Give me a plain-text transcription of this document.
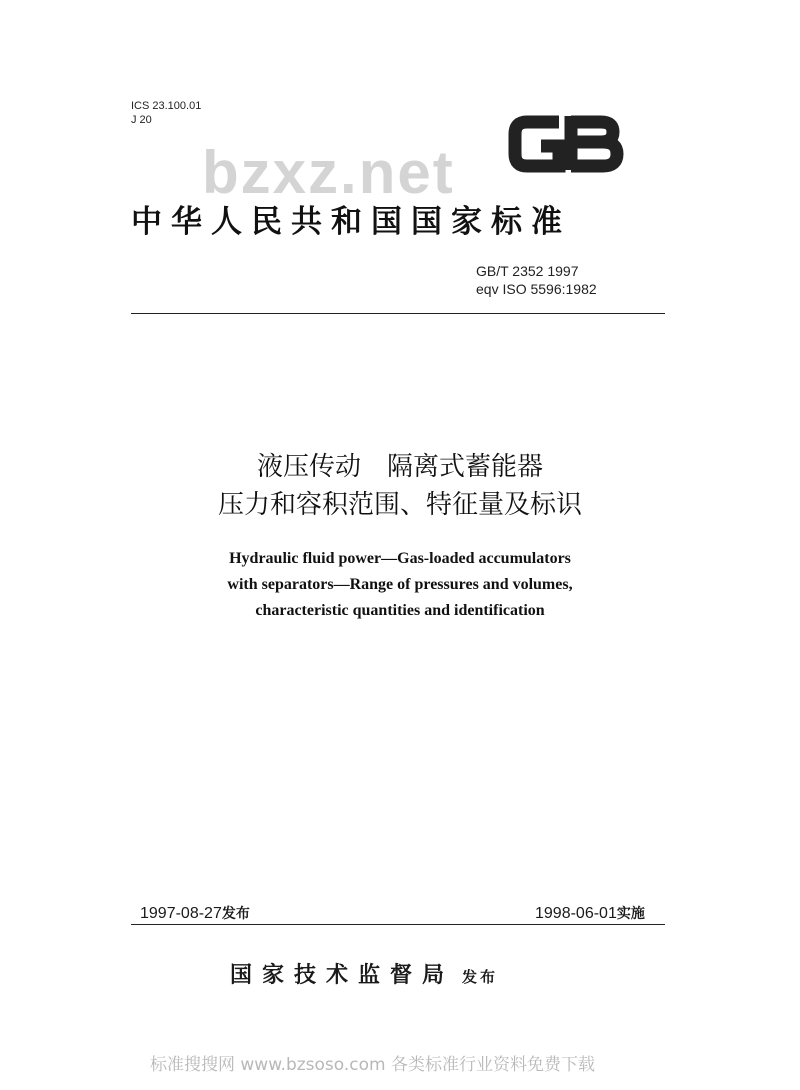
ICS 23.100.01
J 20
bzxz.net
中华人民共和国国家标准
GB/T 2352 1997
eqv ISO 5596:1982
液压传动　隔离式蓄能器
压力和容积范围、特征量及标识
Hydraulic fluid power—Gas-loaded accumulators
with separators—Range of pressures and volumes,
characteristic quantities and identification
1997-08-27发布	1998-06-01实施
国家技术监督局 发布
标准搜搜网 www.bzsoso.com 各类标准行业资料免费下载
